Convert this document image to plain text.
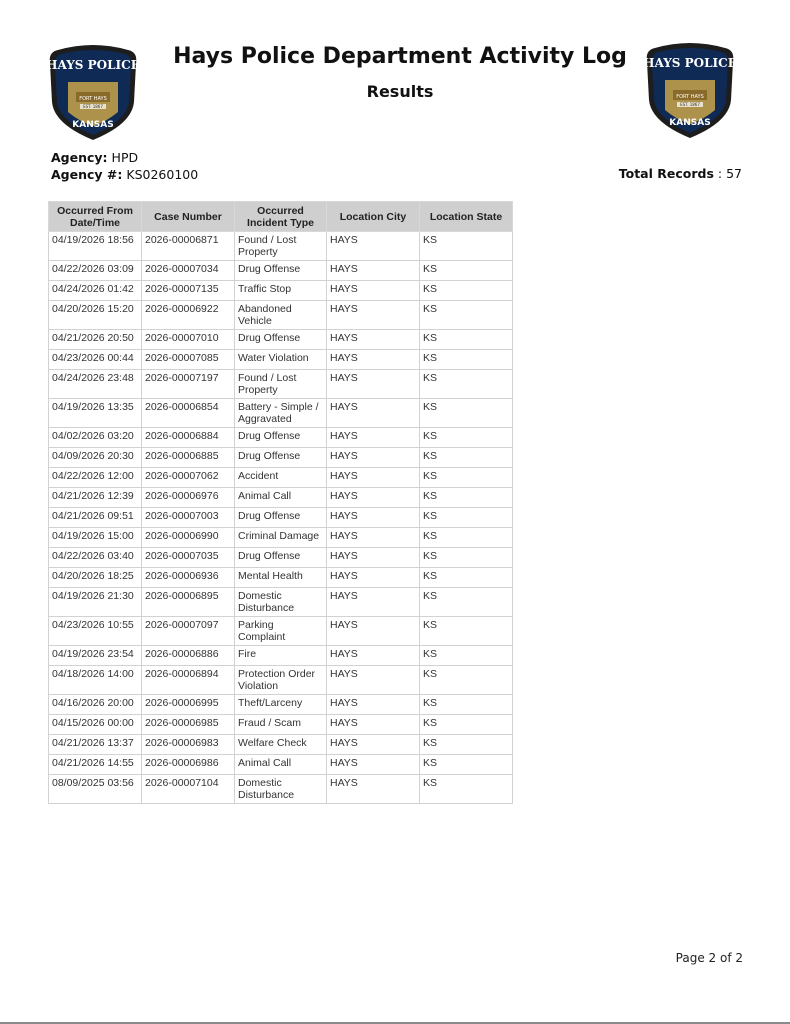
HAYS POLICE
FORT HAYS
EST. 1867
KANSAS
Hays Police Department Activity Log
Results
HAYS POLICE
FORT HAYS
EST. 1867
KANSAS
Agency: HPD
Agency #: KS0260100	Total Records : 57
Occurred From Date/Time	Case Number	Occurred Incident Type	Location City	Location State
04/19/2026 18:56	2026-00006871	Found / Lost Property	HAYS	KS
04/22/2026 03:09	2026-00007034	Drug Offense	HAYS	KS
04/24/2026 01:42	2026-00007135	Traffic Stop	HAYS	KS
04/20/2026 15:20	2026-00006922	Abandoned Vehicle	HAYS	KS
04/21/2026 20:50	2026-00007010	Drug Offense	HAYS	KS
04/23/2026 00:44	2026-00007085	Water Violation	HAYS	KS
04/24/2026 23:48	2026-00007197	Found / Lost Property	HAYS	KS
04/19/2026 13:35	2026-00006854	Battery - Simple / Aggravated	HAYS	KS
04/02/2026 03:20	2026-00006884	Drug Offense	HAYS	KS
04/09/2026 20:30	2026-00006885	Drug Offense	HAYS	KS
04/22/2026 12:00	2026-00007062	Accident	HAYS	KS
04/21/2026 12:39	2026-00006976	Animal Call	HAYS	KS
04/21/2026 09:51	2026-00007003	Drug Offense	HAYS	KS
04/19/2026 15:00	2026-00006990	Criminal Damage	HAYS	KS
04/22/2026 03:40	2026-00007035	Drug Offense	HAYS	KS
04/20/2026 18:25	2026-00006936	Mental Health	HAYS	KS
04/19/2026 21:30	2026-00006895	Domestic Disturbance	HAYS	KS
04/23/2026 10:55	2026-00007097	Parking Complaint	HAYS	KS
04/19/2026 23:54	2026-00006886	Fire	HAYS	KS
04/18/2026 14:00	2026-00006894	Protection Order Violation	HAYS	KS
04/16/2026 20:00	2026-00006995	Theft/Larceny	HAYS	KS
04/15/2026 00:00	2026-00006985	Fraud / Scam	HAYS	KS
04/21/2026 13:37	2026-00006983	Welfare Check	HAYS	KS
04/21/2026 14:55	2026-00006986	Animal Call	HAYS	KS
08/09/2025 03:56	2026-00007104	Domestic Disturbance	HAYS	KS
Page 2 of 2
